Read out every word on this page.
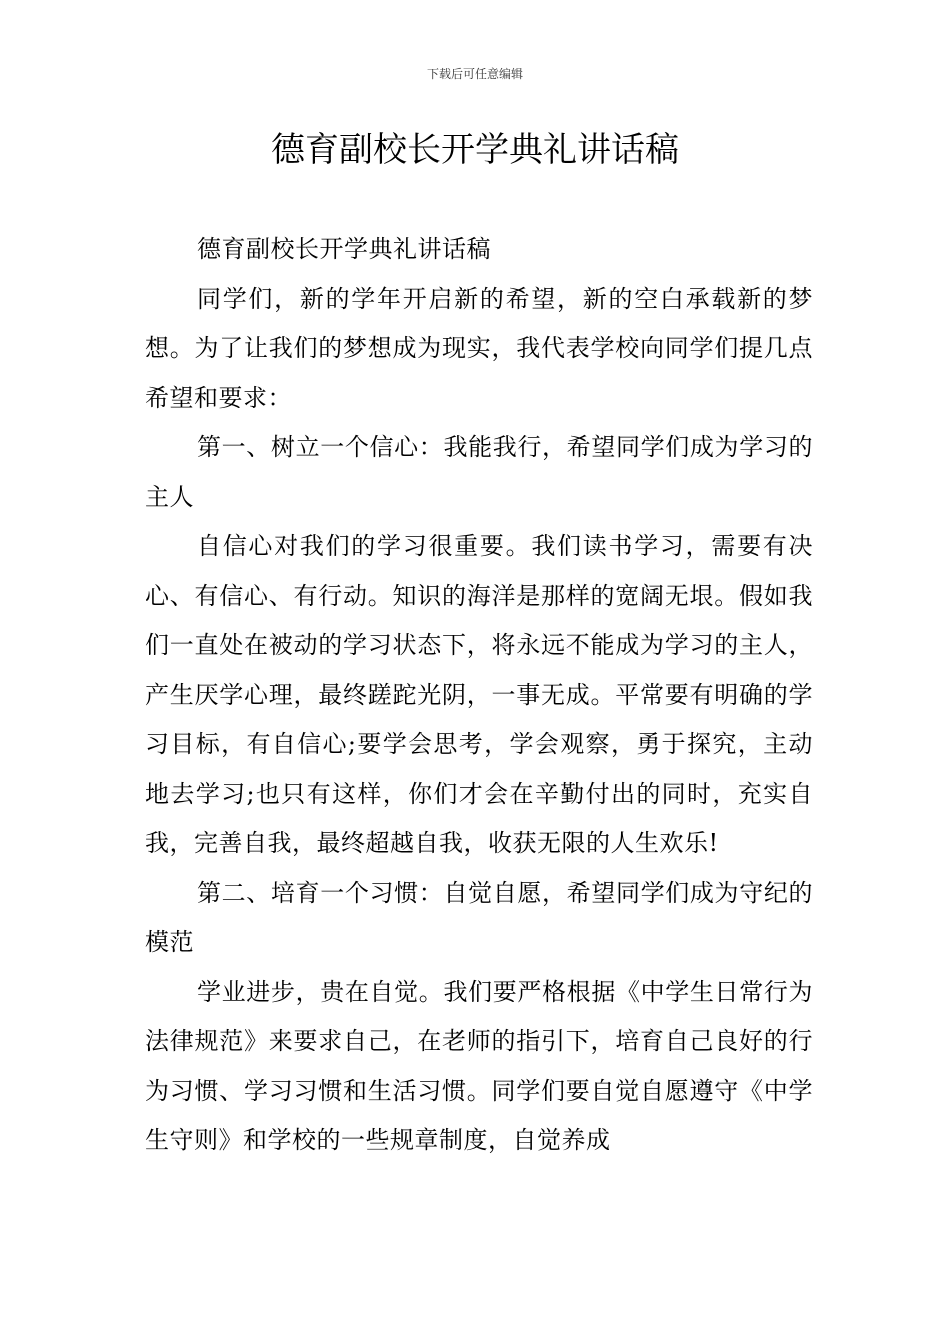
下载后可任意编辑
德育副校长开学典礼讲话稿

德育副校长开学典礼讲话稿

同学们，新的学年开启新的希望，新的空白承载新的梦想。为了让我们的梦想成为现实，我代表学校向同学们提几点希望和要求：

第一、树立一个信心：我能我行，希望同学们成为学习的主人

自信心对我们的学习很重要。我们读书学习，需要有决心、有信心、有行动。知识的海洋是那样的宽阔无垠。假如我们一直处在被动的学习状态下，将永远不能成为学习的主人，产生厌学心理，最终蹉跎光阴，一事无成。平常要有明确的学习目标，有自信心;要学会思考，学会观察，勇于探究，主动地去学习;也只有这样，你们才会在辛勤付出的同时，充实自我，完善自我，最终超越自我，收获无限的人生欢乐!

第二、培育一个习惯：自觉自愿，希望同学们成为守纪的模范

学业进步，贵在自觉。我们要严格根据《中学生日常行为法律规范》来要求自己，在老师的指引下，培育自己良好的行为习惯、学习习惯和生活习惯。同学们要自觉自愿遵守《中学生守则》和学校的一些规章制度，自觉养成
